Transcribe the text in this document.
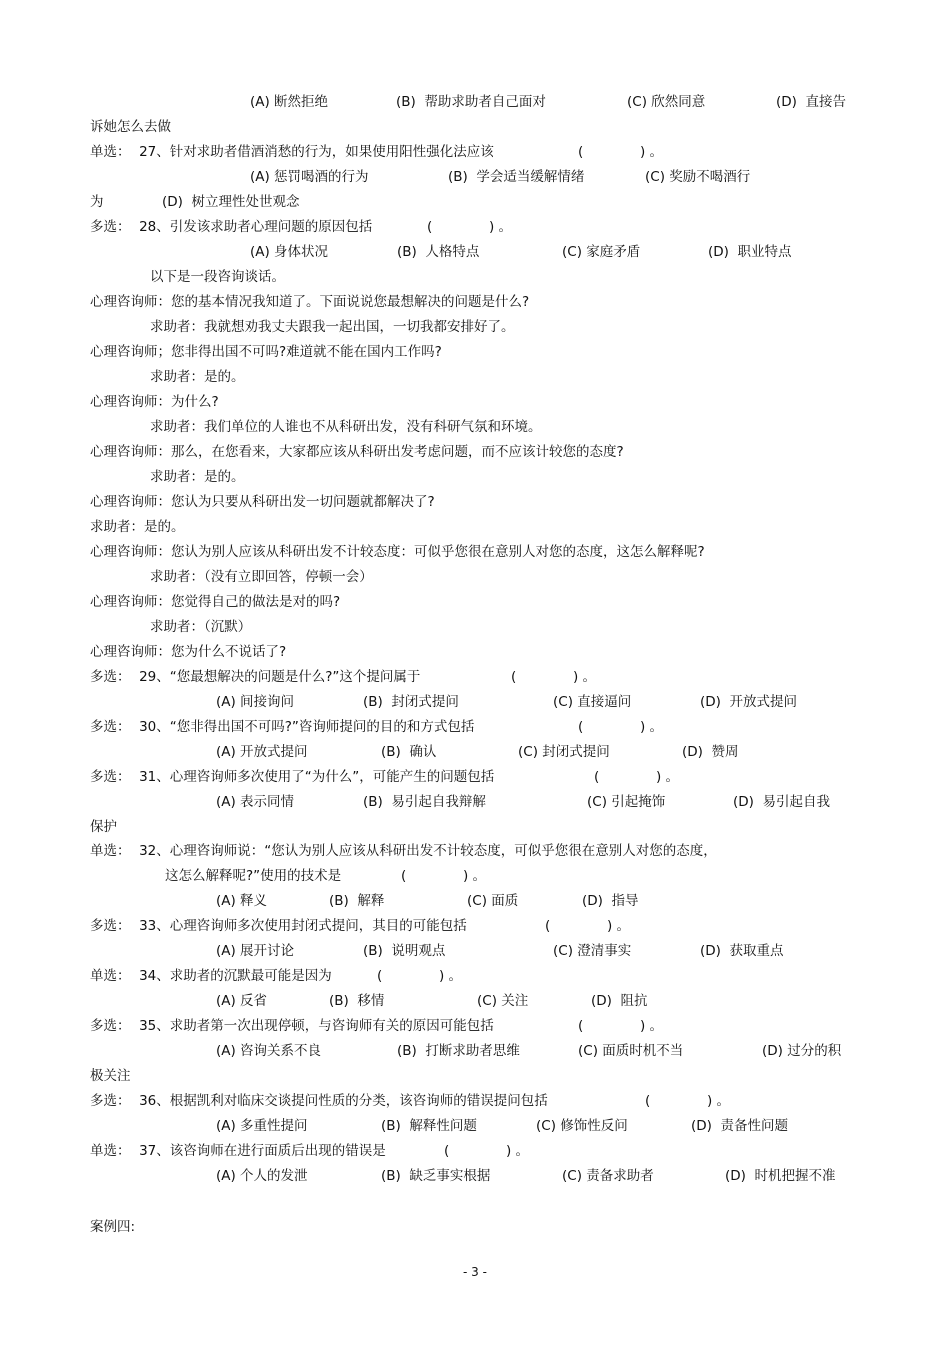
(A) 断然拒绝	(B)  帮助求助者自己面对	(C) 欣然同意	(D)  直接告
诉她怎么去做
单选：  27、针对求助者借酒消愁的行为，如果使用阳性强化法应该	(	) 。
(A) 惩罚喝酒的行为	(B)  学会适当缓解情绪	(C) 奖励不喝酒行
为	(D)  树立理性处世观念
多选：  28、引发该求助者心理问题的原因包括	(	) 。
(A) 身体状况	(B)  人格特点	(C) 家庭矛盾	(D)  职业特点
以下是一段咨询谈话。
心理咨询师：您的基本情况我知道了。下面说说您最想解决的问题是什么?
求助者：我就想劝我丈夫跟我一起出国，一切我都安排好了。
心理咨询师；您非得出国不可吗?难道就不能在国内工作吗?
求助者：是的。
心理咨询师：为什么?
求助者：我们单位的人谁也不从科研出发，没有科研气氛和环境。
心理咨询师：那么，在您看来，大家都应该从科研出发考虑问题，而不应该计较您的态度?
求助者：是的。
心理咨询师：您认为只要从科研出发一切问题就都解决了?
求助者：是的。
心理咨询师：您认为别人应该从科研出发不计较态度：可似乎您很在意别人对您的态度，这怎么解释呢?
求助者：（没有立即回答，停顿一会）
心理咨询师：您觉得自己的做法是对的吗?
求助者：（沉默）
心理咨询师：您为什么不说话了?
多选：  29、“您最想解决的问题是什么?”这个提问属于	(	) 。
(A) 间接询问	(B)  封闭式提问	(C) 直接逼问	(D)  开放式提问
多选：  30、“您非得出国不可吗?”咨询师提问的目的和方式包括	(	) 。
(A) 开放式提问	(B)  确认	(C) 封闭式提问	(D)  赞周
多选：  31、心理咨询师多次使用了“为什么”，可能产生的问题包括	(	) 。
(A) 表示同情	(B)  易引起自我辩解	(C) 引起掩饰	(D)  易引起自我
保护
单选：  32、心理咨询师说：“您认为别人应该从科研出发不计较态度，可似乎您很在意别人对您的态度，
这怎么解释呢?”使用的技术是	(	) 。
(A) 释义	(B)  解释	(C) 面质	(D)  指导
多选：  33、心理咨询师多次使用封闭式提问，其目的可能包括	(	) 。
(A) 展开讨论	(B)  说明观点	(C) 澄清事实	(D)  获取重点
单选：  34、求助者的沉默最可能是因为	(	) 。
(A) 反省	(B)  移情	(C) 关注	(D)  阻抗
多选：  35、求助者第一次出现停顿，与咨询师有关的原因可能包括	(	) 。
(A) 咨询关系不良	(B)  打断求助者思维	(C) 面质时机不当	(D) 过分的积
极关注
多选：  36、根据凯利对临床交谈提问性质的分类，该咨询师的错误提问包括	(	) 。
(A) 多重性提问	(B)  解释性问题	(C) 修饰性反问	(D)  责备性问题
单选：  37、该咨询师在进行面质后出现的错误是	(	) 。
(A) 个人的发泄	(B)  缺乏事实根据	(C) 责备求助者	(D)  时机把握不准
案例四:
- 3 -
